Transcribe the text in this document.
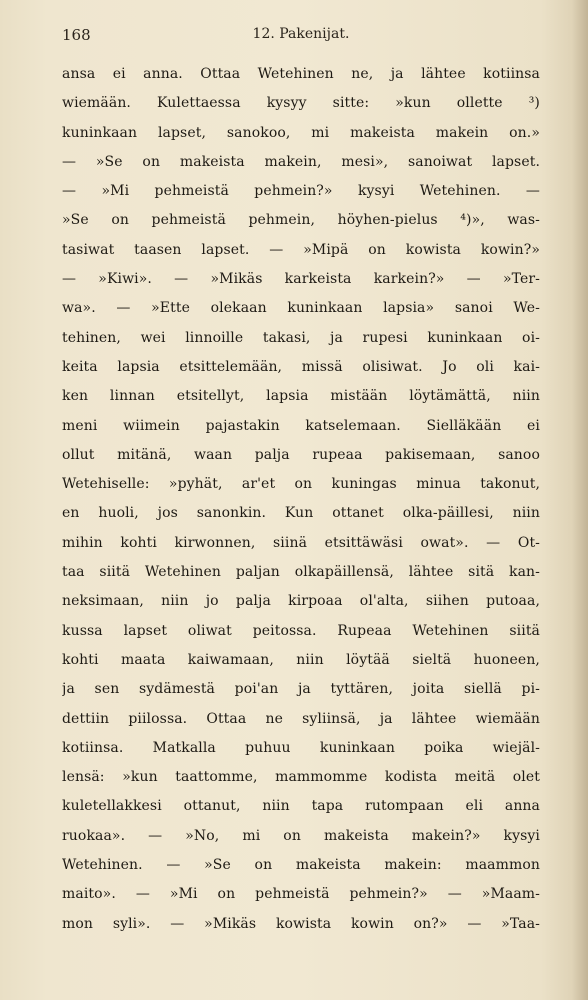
168	12. Pakenijat.
ansa ei anna. Ottaa Wetehinen ne, ja lähtee kotiinsa
wiemään. Kulettaessa kysyy sitte: »kun ollette ³)
kuninkaan lapset, sanokoo, mi makeista makein on.»
— »Se on makeista makein, mesi», sanoiwat lapset.
— »Mi pehmeistä pehmein?» kysyi Wetehinen. —
»Se on pehmeistä pehmein, höyhen-pielus ⁴)», was-
tasiwat taasen lapset. — »Mipä on kowista kowin?»
— »Kiwi». — »Mikäs karkeista karkein?» — »Ter-
wa». — »Ette olekaan kuninkaan lapsia» sanoi We-
tehinen, wei linnoille takasi, ja rupesi kuninkaan oi-
keita lapsia etsittelemään, missä olisiwat. Jo oli kai-
ken linnan etsitellyt, lapsia mistään löytämättä, niin
meni wiimein pajastakin katselemaan. Sielläkään ei
ollut mitänä, waan palja rupeaa pakisemaan, sanoo
Wetehiselle: »pyhät, ar'et on kuningas minua takonut,
en huoli, jos sanonkin. Kun ottanet olka-päillesi, niin
mihin kohti kirwonnen, siinä etsittäwäsi owat». — Ot-
taa siitä Wetehinen paljan olkapäillensä, lähtee sitä kan-
neksimaan, niin jo palja kirpoaa ol'alta, siihen putoaa,
kussa lapset oliwat peitossa. Rupeaa Wetehinen siitä
kohti maata kaiwamaan, niin löytää sieltä huoneen,
ja sen sydämestä poi'an ja tyttären, joita siellä pi-
dettiin piilossa. Ottaa ne syliinsä, ja lähtee wiemään
kotiinsa. Matkalla puhuu kuninkaan poika wiejäl-
lensä: »kun taattomme, mammomme kodista meitä olet
kuletellakkesi ottanut, niin tapa rutompaan eli anna
ruokaa». — »No, mi on makeista makein?» kysyi
Wetehinen. — »Se on makeista makein: maammon
maito». — »Mi on pehmeistä pehmein?» — »Maam-
mon syli». — »Mikäs kowista kowin on?» — »Taa-
